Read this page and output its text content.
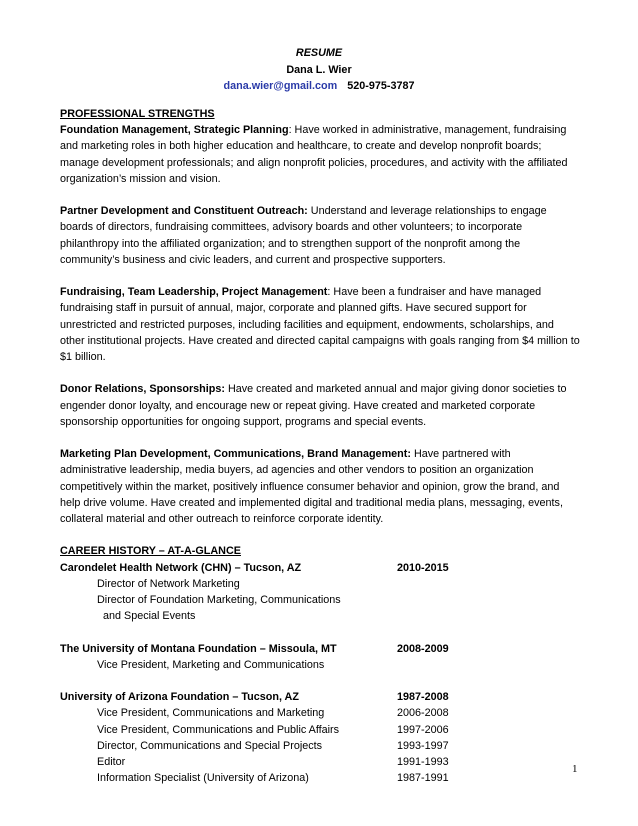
RESUME
Dana L. Wier
dana.wier@gmail.com 520-975-3787
PROFESSIONAL STRENGTHS
Foundation Management, Strategic Planning: Have worked in administrative, management, fundraising and marketing roles in both higher education and healthcare, to create and develop nonprofit boards; manage development professionals; and align nonprofit policies, procedures, and activity with the affiliated organization’s mission and vision.
Partner Development and Constituent Outreach: Understand and leverage relationships to engage boards of directors, fundraising committees, advisory boards and other volunteers; to incorporate philanthropy into the affiliated organization; and to strengthen support of the nonprofit among the community’s business and civic leaders, and current and prospective supporters.
Fundraising, Team Leadership, Project Management: Have been a fundraiser and have managed fundraising staff in pursuit of annual, major, corporate and planned gifts. Have secured support for unrestricted and restricted purposes, including facilities and equipment, endowments, scholarships, and other institutional projects. Have created and directed capital campaigns with goals ranging from $4 million to $1 billion.
Donor Relations, Sponsorships: Have created and marketed annual and major giving donor societies to engender donor loyalty, and encourage new or repeat giving. Have created and marketed corporate sponsorship opportunities for ongoing support, programs and special events.
Marketing Plan Development, Communications, Brand Management: Have partnered with administrative leadership, media buyers, ad agencies and other vendors to position an organization competitively within the market, positively influence consumer behavior and opinion, grow the brand, and help drive volume. Have created and implemented digital and traditional media plans, messaging, events, collateral material and other outreach to reinforce corporate identity.
CAREER HISTORY – AT-A-GLANCE
Carondelet Health Network (CHN) – Tucson, AZ	2010-2015
Director of Network Marketing
Director of Foundation Marketing, Communications
and Special Events
The University of Montana Foundation – Missoula, MT	2008-2009
Vice President, Marketing and Communications
University of Arizona Foundation – Tucson, AZ	1987-2008
Vice President, Communications and Marketing	2006-2008
Vice President, Communications and Public Affairs	1997-2006
Director, Communications and Special Projects	1993-1997
Editor	1991-1993
Information Specialist (University of Arizona)	1987-1991
1
